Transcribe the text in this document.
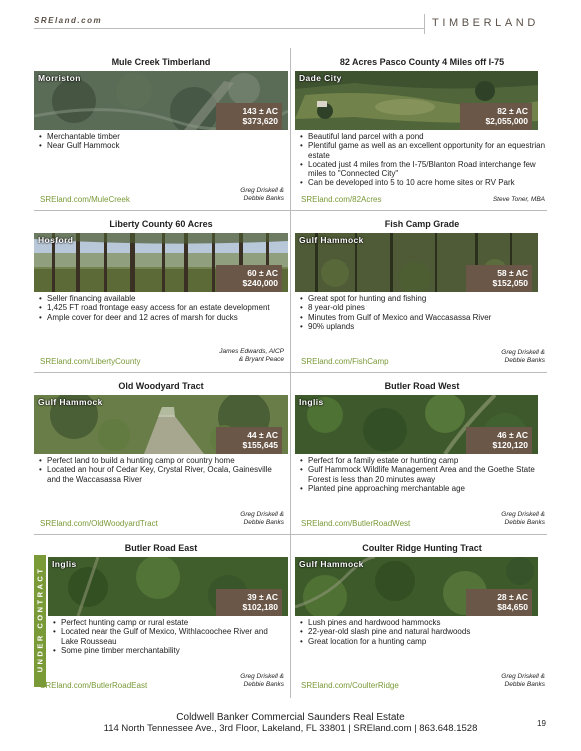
SREland.com	TIMBERLAND
UNDER CONTRACT
Mule Creek Timberland
Morriston
143 ± AC
$373,620
• Merchantable timber
• Near Gulf Hammock
Greg Driskell &
Debbie Banks
SREland.com/MuleCreek
82 Acres Pasco County 4 Miles off I-75
Dade City
82 ± AC
$2,055,000
• Beautiful land parcel with a pond
• Plentiful game as well as an excellent opportunity for an equestrian estate
• Located just 4 miles from the I-75/Blanton Road interchange few miles to "Connected City"
• Can be developed into 5 to 10 acre home sites or RV Park
Steve Toner, MBA
SREland.com/82Acres
Liberty County 60 Acres
Hosford
60 ± AC
$240,000
• Seller financing available
• 1,425 FT road frontage easy access for an estate development
• Ample cover for deer and 12 acres of marsh for ducks
James Edwards, AICP
& Bryant Peace
SREland.com/LibertyCounty
Fish Camp Grade
Gulf Hammock
58 ± AC
$152,050
• Great spot for hunting and fishing
• 8 year-old pines
• Minutes from Gulf of Mexico and Waccasassa River
• 90% uplands
Greg Driskell &
Debbie Banks
SREland.com/FishCamp
Old Woodyard Tract
Gulf Hammock
44 ± AC
$155,645
• Perfect land to build a hunting camp or country home
• Located an hour of Cedar Key, Crystal River, Ocala, Gainesville and the Waccasassa River
Greg Driskell &
Debbie Banks
SREland.com/OldWoodyardTract
Butler Road West
Inglis
46 ± AC
$120,120
• Perfect for a family estate or hunting camp
• Gulf Hammock Wildlife Management Area and the Goethe State Forest is less than 20 minutes away
• Planted pine approaching merchantable age
Greg Driskell &
Debbie Banks
SREland.com/ButlerRoadWest
Butler Road East
Inglis
39 ± AC
$102,180
• Perfect hunting camp or rural estate
• Located near the Gulf of Mexico, Withlacoochee River and Lake Rousseau
• Some pine timber merchantability
Greg Driskell &
Debbie Banks
SREland.com/ButlerRoadEast
Coulter Ridge Hunting Tract
Gulf Hammock
28 ± AC
$84,650
• Lush pines and hardwood hammocks
• 22-year-old slash pine and natural hardwoods
• Great location for a hunting camp
Greg Driskell &
Debbie Banks
SREland.com/CoulterRidge
Coldwell Banker Commercial Saunders Real Estate
114 North Tennessee Ave., 3rd Floor, Lakeland, FL 33801 | SREland.com | 863.648.1528	19
